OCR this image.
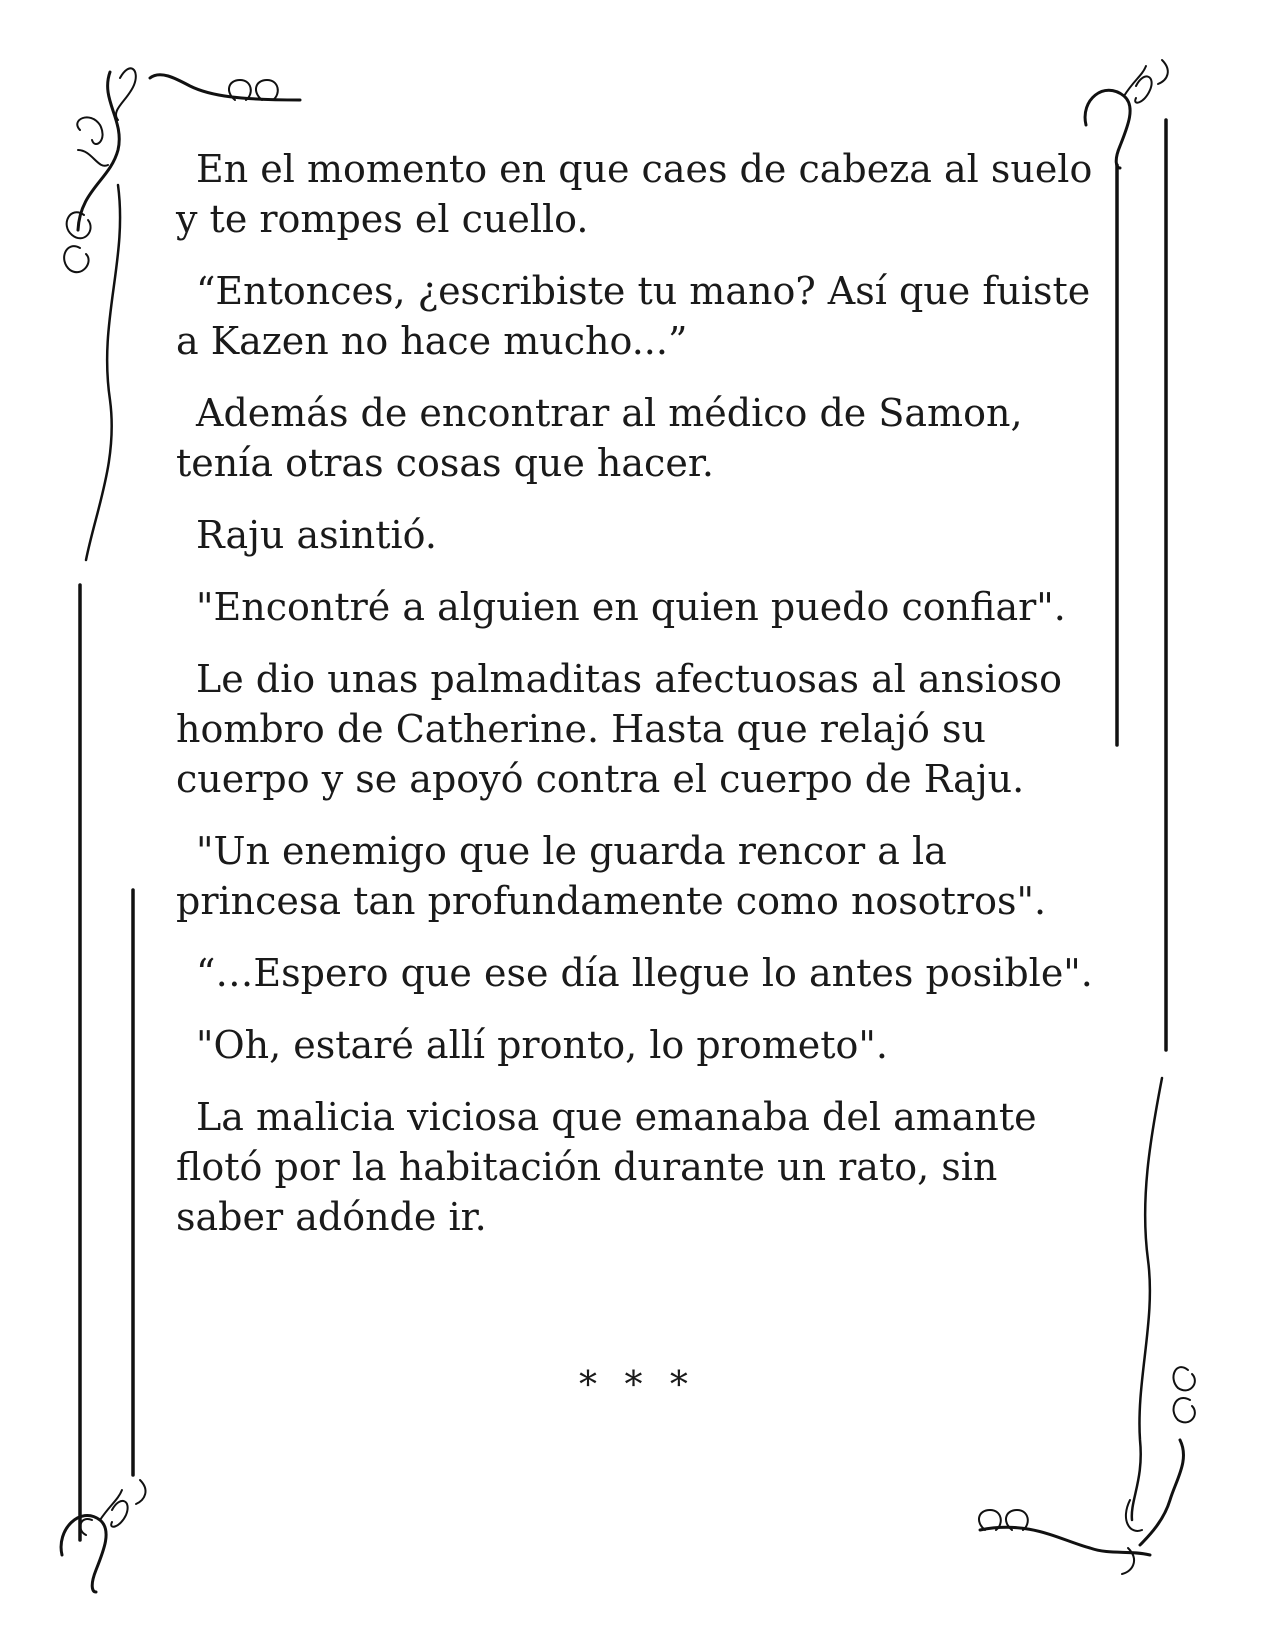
En el momento en que caes de cabeza al suelo y te rompes el cuello.

“Entonces, ¿escribiste tu mano? Así que fuiste a Kazen no hace mucho...”

Además de encontrar al médico de Samon, tenía otras cosas que hacer.

Raju asintió.

"Encontré a alguien en quien puedo confiar".

Le dio unas palmaditas afectuosas al ansioso hombro de Catherine. Hasta que relajó su cuerpo y se apoyó contra el cuerpo de Raju.

"Un enemigo que le guarda rencor a la princesa tan profundamente como nosotros".

“…Espero que ese día llegue lo antes posible".

"Oh, estaré allí pronto, lo prometo".

La malicia viciosa que emanaba del amante flotó por la habitación durante un rato, sin saber adónde ir.

* * *
